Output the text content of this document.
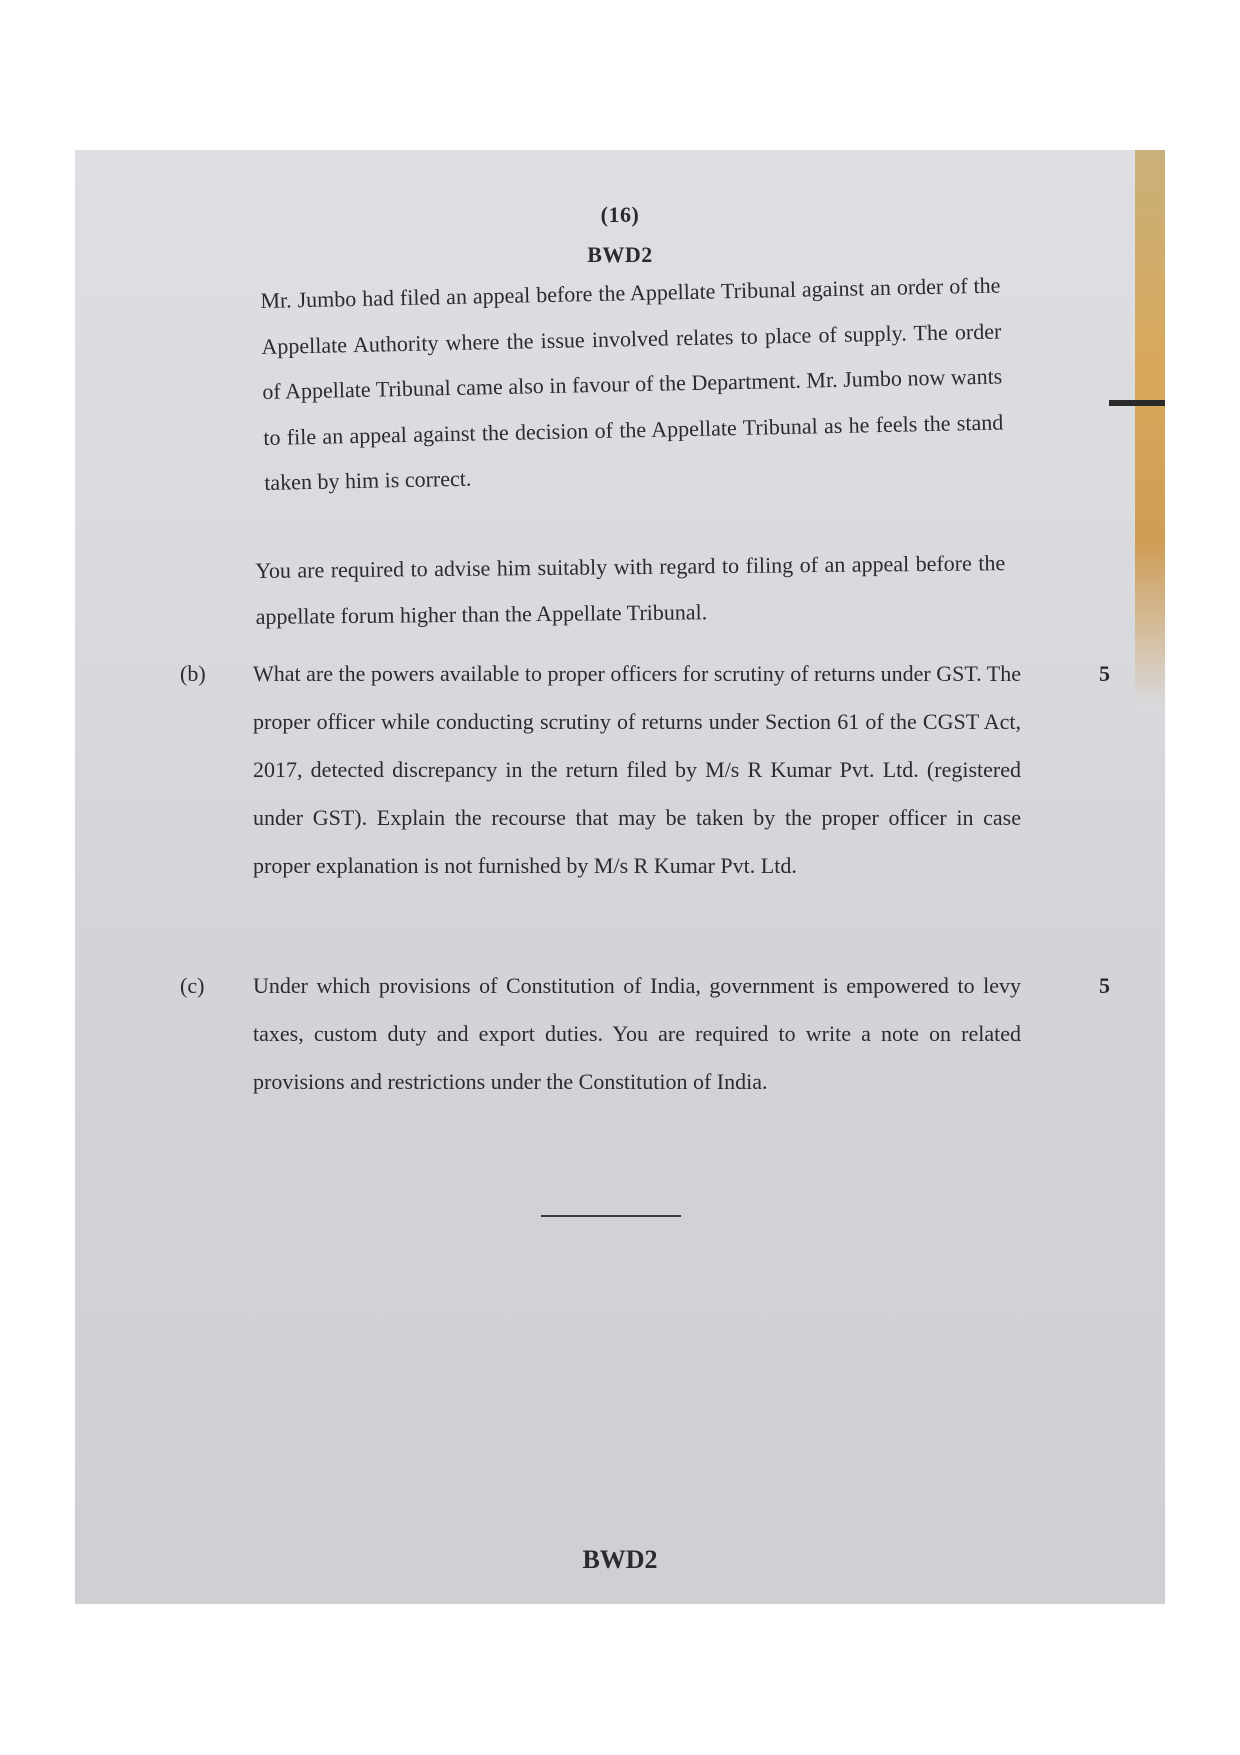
(16)
BWD2

Mr. Jumbo had filed an appeal before the Appellate Tribunal against an order of the Appellate Authority where the issue involved relates to place of supply. The order of Appellate Tribunal came also in favour of the Department. Mr. Jumbo now wants to file an appeal against the decision of the Appellate Tribunal as he feels the stand taken by him is correct.

You are required to advise him suitably with regard to filing of an appeal before the appellate forum higher than the Appellate Tribunal.

(b) What are the powers available to proper officers for scrutiny of returns under GST. The proper officer while conducting scrutiny of returns under Section 61 of the CGST Act, 2017, detected discrepancy in the return filed by M/s R Kumar Pvt. Ltd. (registered under GST). Explain the recourse that may be taken by the proper officer in case proper explanation is not furnished by M/s R Kumar Pvt. Ltd.

5
(c) Under which provisions of Constitution of India, government is empowered to levy taxes, custom duty and export duties. You are required to write a note on related provisions and restrictions under the Constitution of India.

5
BWD2
